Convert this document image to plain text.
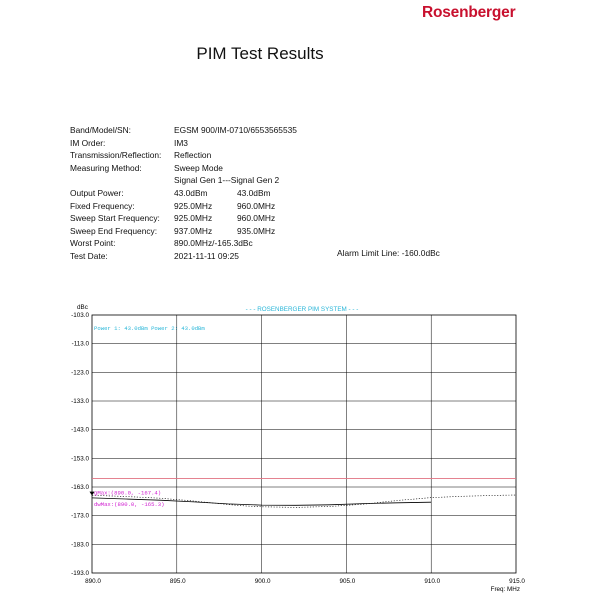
Rosenberger
PIM Test Results
Band/Model/SN:	EGSM 900/IM-0710/6553565535
IM Order:	IM3
Transmission/Reflection:	Reflection
Measuring Method:	Sweep Mode
Signal Gen 1---Signal Gen 2
Output Power:	43.0dBm	43.0dBm
Fixed Frequency:	925.0MHz	960.0MHz
Sweep Start Frequency:	925.0MHz	960.0MHz
Sweep End Frequency:	937.0MHz	935.0MHz
Worst Point:	890.0MHz/-165.3dBc
Test Date:	2021-11-11 09:25	Alarm Limit Line: -160.0dBc
-103.0
-113.0
-123.0
-133.0
-143.0
-153.0
-163.0
-173.0
-183.0
-193.0
890.0	895.0	900.0	905.0	910.0	915.0
- - - ROSENBERGER PIM SYSTEM - - -
dBc
Freq: MHz
Power 1: 43.0dBm Power 2: 43.0dBm
gMax:(890.0, -167.4)
dwMax:(890.0, -165.3)
